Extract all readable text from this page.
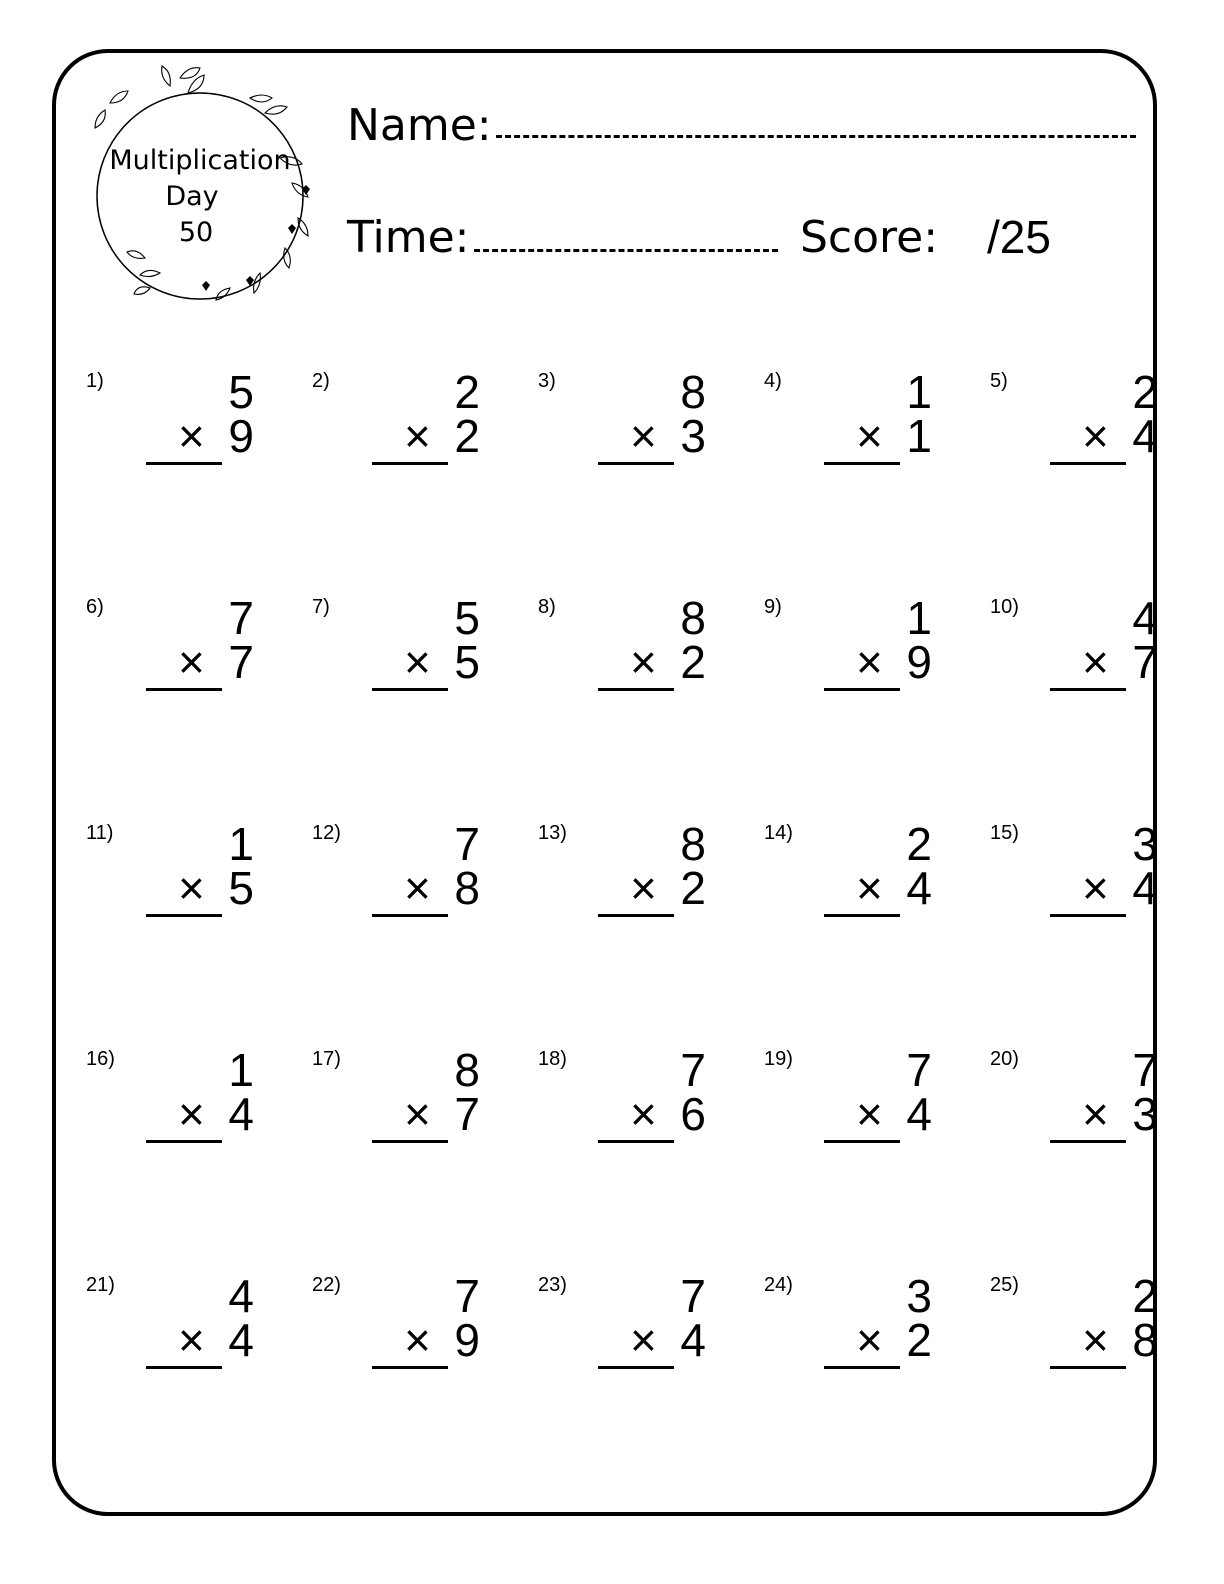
Multiplication
Day
50
Name:
Time:	Score: /25
1)	5
× 9
2)	2
× 2
3)	8
× 3
4)	1
× 1
5)	2
× 4
6)	7
× 7
7)	5
× 5
8)	8
× 2
9)	1
× 9
10) 4
× 7
11) 1
× 5
12) 7
× 8
13) 8
× 2
14) 2
× 4
15) 3
× 4
16) 1
× 4
17) 8
× 7
18) 7
× 6
19) 7
× 4
20) 7
× 3
21) 4
× 4
22) 7
× 9
23) 7
× 4
24) 3
× 2
25) 2
× 8
